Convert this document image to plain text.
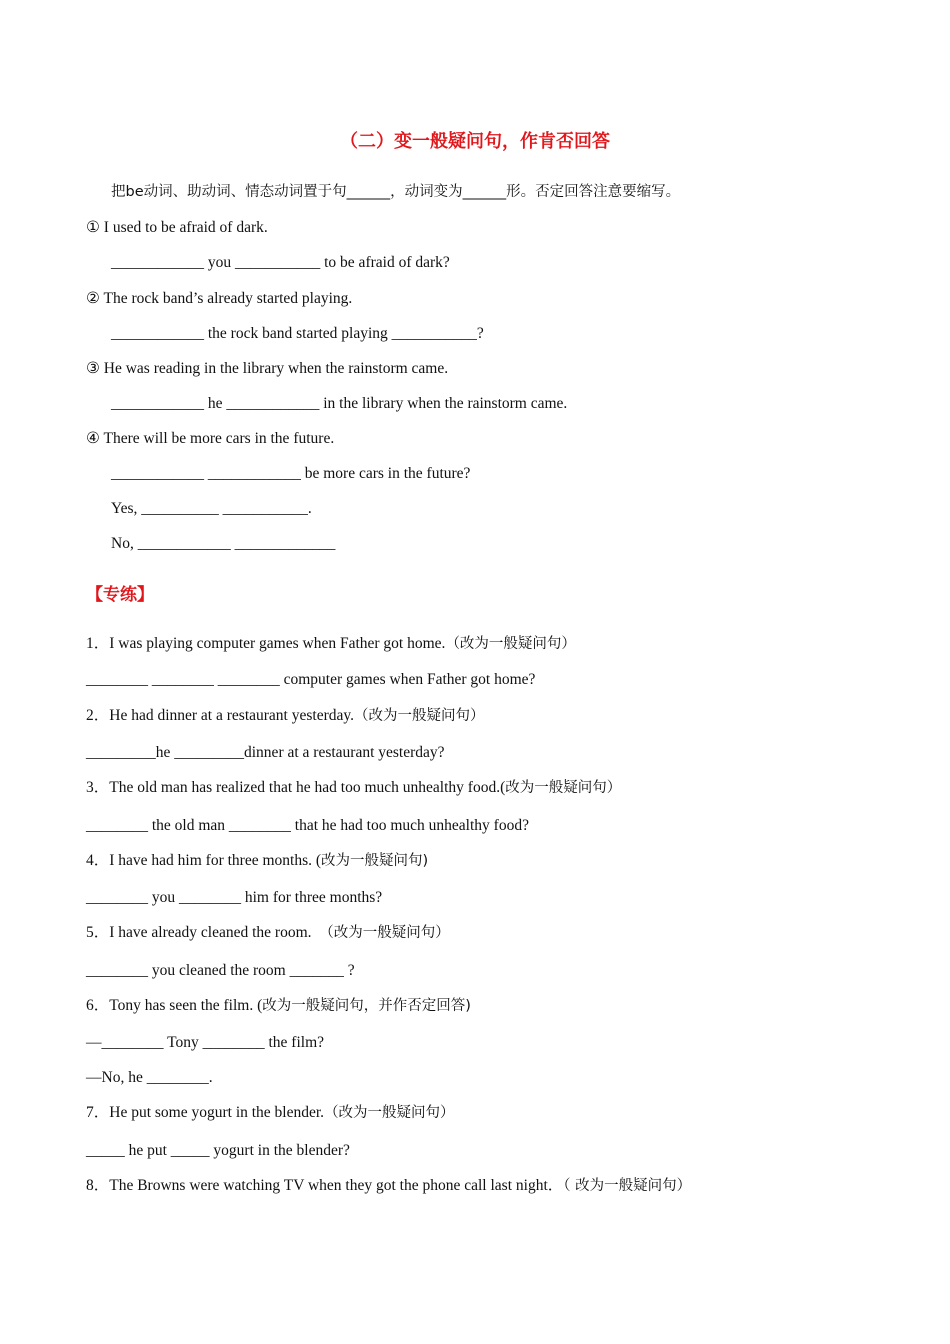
（二）变一般疑问句，作肯否回答
把be动词、助动词、情态动词置于句______，动词变为______形。否定回答注意要缩写。
① I used to be afraid of dark.
____________ you ___________ to be afraid of dark?
② The rock band’s already started playing.
____________ the rock band started playing ___________?
③ He was reading in the library when the rainstorm came.
____________ he ____________ in the library when the rainstorm came.
④ There will be more cars in the future.
____________ ____________ be more cars in the future?
Yes, __________ ___________.
No, ____________ _____________
【专练】
1．I was playing computer games when Father got home.（改为一般疑问句）
________ ________ ________ computer games when Father got home?
2．He had dinner at a restaurant yesterday.（改为一般疑问句）
_________he _________dinner at a restaurant yesterday?
3．The old man has realized that he had too much unhealthy food.(改为一般疑问句）
________ the old man ________ that he had too much unhealthy food?
4．I have had him for three months. (改为一般疑问句)
________ you ________ him for three months?
5．I have already cleaned the room.  （改为一般疑问句）
________ you cleaned the room _______ ?
6．Tony has seen the film. (改为一般疑问句，并作否定回答)
—________ Tony ________ the film?
—No, he ________.
7．He put some yogurt in the blender.（改为一般疑问句）
_____ he put _____ yogurt in the blender?
8．The Browns were watching TV when they got the phone call last night．（ 改为一般疑问句）
